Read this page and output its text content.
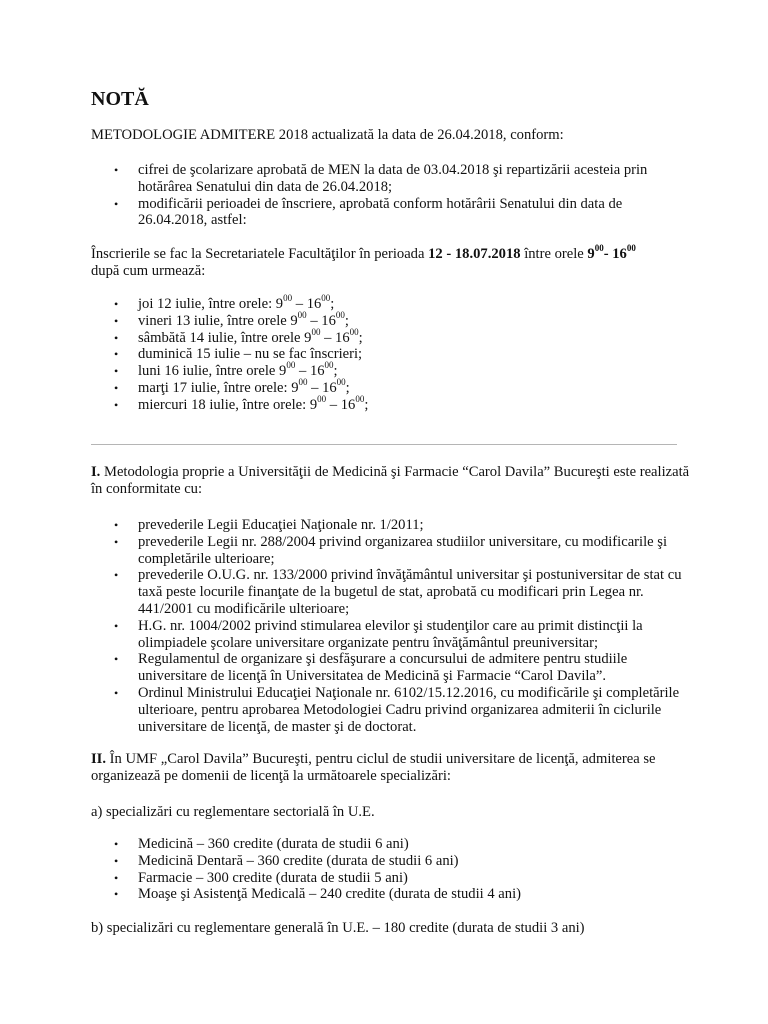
NOTĂ
METODOLOGIE ADMITERE 2018 actualizată la data de 26.04.2018, conform:
• cifrei de şcolarizare aprobată de MEN la data de 03.04.2018 şi repartizării acesteia prin hotărârea Senatului din data de 26.04.2018;
• modificării perioadei de înscriere, aprobată conform hotărârii Senatului din data de 26.04.2018, astfel:
Înscrierile se fac la Secretariatele Facultăţilor în perioada 12 - 18.07.2018 între orele $9^{00}-$ $16^{00}$
după cum urmează:
• joi 12 iulie, între orele: $9^{00} - 16^{00}$;
• vineri 13 iulie, între orele $9^{00} - 16^{00}$;
• sâmbătă 14 iulie, între orele $9^{00} - 16^{00}$;
• duminică 15 iulie – nu se fac înscrieri;
• luni 16 iulie, între orele $9^{00} - 16^{00}$;
• marţi 17 iulie, între orele: $9^{00} - 16^{00}$;
• miercuri 18 iulie, între orele: $9^{00} - 16^{00}$;
I. Metodologia proprie a Universităţii de Medicină şi Farmacie “Carol Davila” Bucureşti este realizată în conformitate cu:
• prevederile Legii Educaţiei Naţionale nr. 1/2011;
• prevederile Legii nr. 288/2004 privind organizarea studiilor universitare, cu modificarile şi completările ulterioare;
• prevederile O.U.G. nr. 133/2000 privind învăţământul universitar şi postuniversitar de stat cu taxă peste locurile finanţate de la bugetul de stat, aprobată cu modificari prin Legea nr. 441/2001 cu modificările ulterioare;
• H.G. nr. 1004/2002 privind stimularea elevilor şi studenţilor care au primit distincţii la olimpiadele şcolare universitare organizate pentru învăţământul preuniversitar;
• Regulamentul de organizare şi desfăşurare a concursului de admitere pentru studiile universitare de licenţă în Universitatea de Medicină şi Farmacie “Carol Davila”.
• Ordinul Ministrului Educaţiei Naţionale nr. 6102/15.12.2016, cu modificările şi completările ulterioare, pentru aprobarea Metodologiei Cadru privind organizarea admiterii în ciclurile universitare de licenţă, de master şi de doctorat.
II. În UMF „Carol Davila” Bucureşti, pentru ciclul de studii universitare de licenţă, admiterea se organizează pe domenii de licenţă la următoarele specializări:
a) specializări cu reglementare sectorială în U.E.
• Medicină – 360 credite (durata de studii 6 ani)
• Medicină Dentară – 360 credite (durata de studii 6 ani)
• Farmacie – 300 credite (durata de studii 5 ani)
• Moaşe şi Asistenţă Medicală – 240 credite (durata de studii 4 ani)
b) specializări cu reglementare generală în U.E. – 180 credite (durata de studii 3 ani)
